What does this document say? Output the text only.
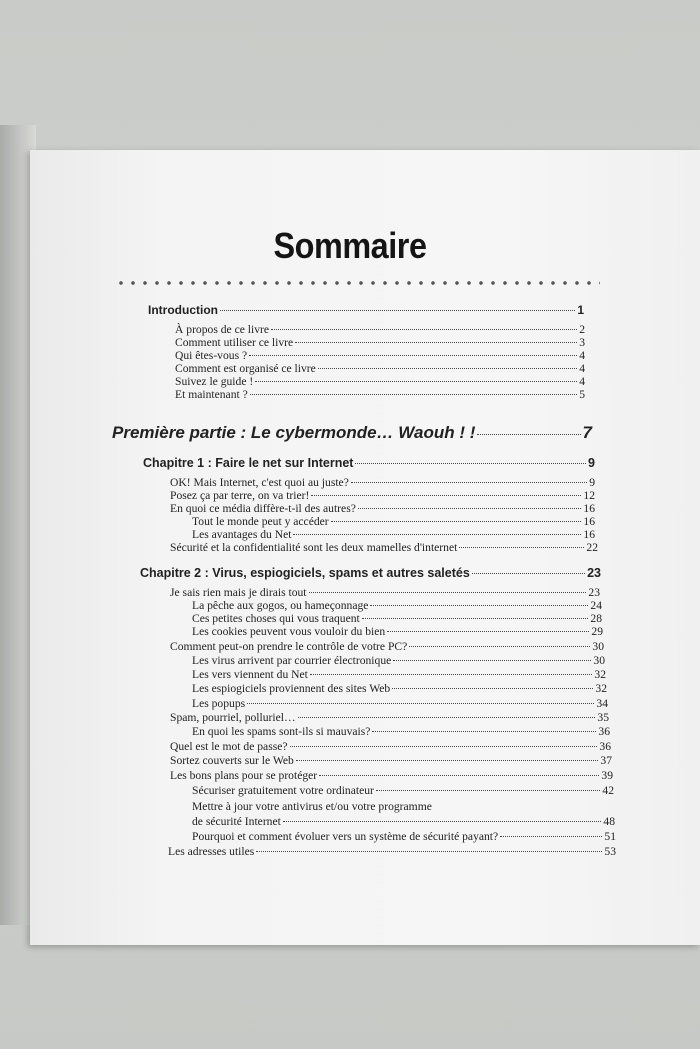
Sommaire
Introduction	1
À propos de ce livre	2
Comment utiliser ce livre	3
Qui êtes-vous ?	4
Comment est organisé ce livre	4
Suivez le guide !	4
Et maintenant ?	5
Première partie : Le cybermonde… Waouh ! !	7
Chapitre 1 : Faire le net sur Internet	9
OK! Mais Internet, c'est quoi au juste?	9
Posez ça par terre, on va trier!	12
En quoi ce média diffère-t-il des autres?	16
Tout le monde peut y accéder	16
Les avantages du Net	16
Sécurité et la confidentialité sont les deux mamelles d'internet	22
Chapitre 2 : Virus, espiogiciels, spams et autres saletés	23
Je sais rien mais je dirais tout	23
La pêche aux gogos, ou hameçonnage	24
Ces petites choses qui vous traquent	28
Les cookies peuvent vous vouloir du bien	29
Comment peut-on prendre le contrôle de votre PC?	30
Les virus arrivent par courrier électronique	30
Les vers viennent du Net	32
Les espiogiciels proviennent des sites Web	32
Les popups	34
Spam, pourriel, polluriel…	35
En quoi les spams sont-ils si mauvais?	36
Quel est le mot de passe?	36
Sortez couverts sur le Web	37
Les bons plans pour se protéger	39
Sécuriser gratuitement votre ordinateur	42
Mettre à jour votre antivirus et/ou votre programme
de sécurité Internet	48
Pourquoi et comment évoluer vers un système de sécurité payant?	51
Les adresses utiles	53
